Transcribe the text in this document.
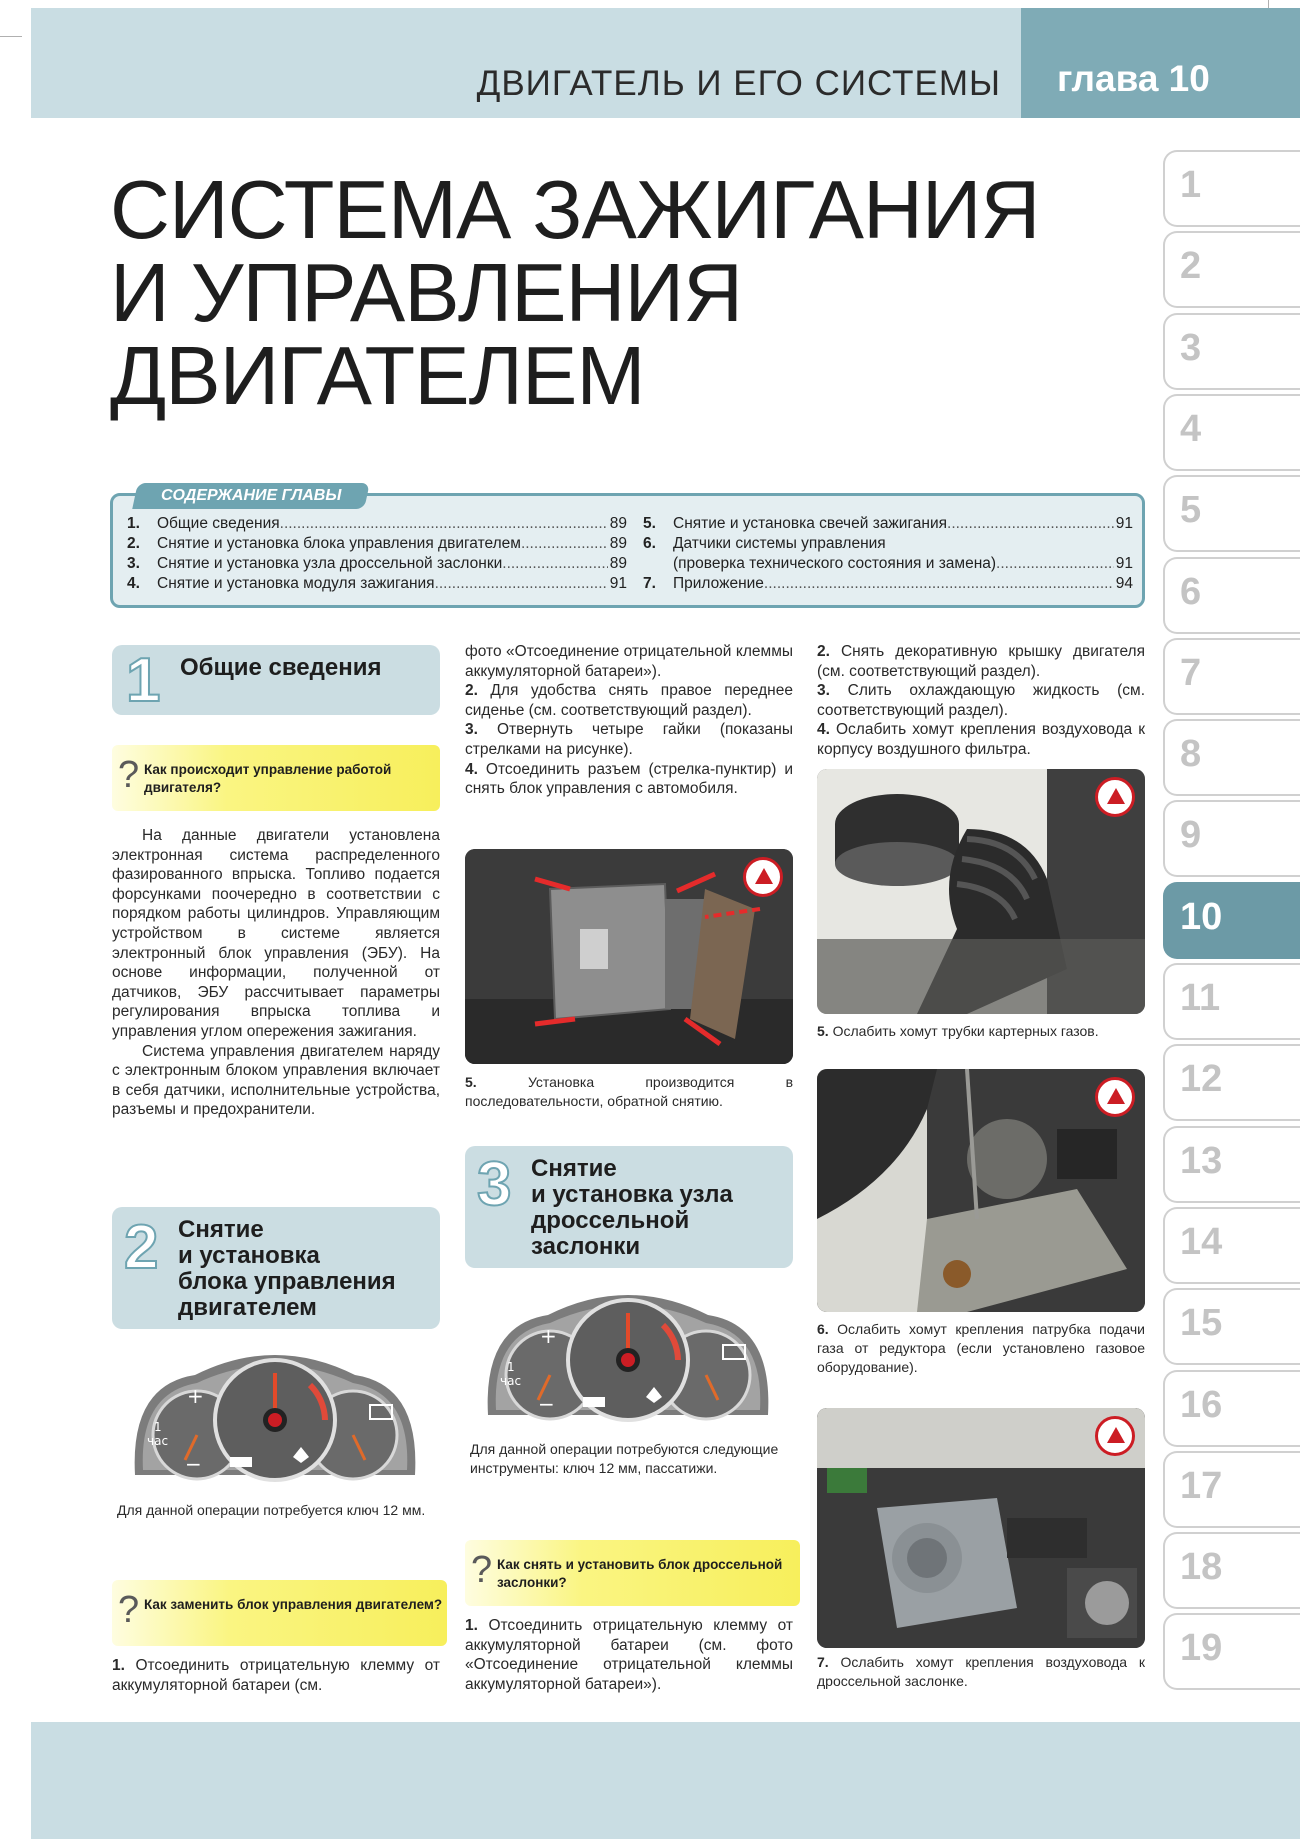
ДВИГАТЕЛЬ И ЕГО СИСТЕМЫ глава 10
СИСТЕМА ЗАЖИГАНИЯ
И УПРАВЛЕНИЯ
ДВИГАТЕЛЕМ
1
2
3
4
5
6
7
8
9
10
11
12
13
14
15
16
17
18
19
СОДЕРЖАНИЕ ГЛАВЫ
1.	Общие сведения .....	89
2.	Снятие и установка блока управления двигателем .....	89
3.	Снятие и установка узла дроссельной заслонки .....	89
4.	Снятие и установка модуля зажигания .....	91
5.	Снятие и установка свечей зажигания .....	91
6.	Датчики системы управления
(проверка технического состояния и замена) .....	91
7.	Приложение .....	94
1 Общие сведения
? Как происходит управление работой двигателя?

На данные двигатели установлена электронная система распределенного фазированного впрыска. Топливо подается форсунками поочередно в соответствии с порядком работы цилиндров. Управляющим устройством в системе является электронный блок управления (ЭБУ). На основе информации, полученной от датчиков, ЭБУ рассчитывает параметры регулирования впрыска топлива и управления углом опережения зажигания.

Система управления двигателем наряду с электронным блоком управления включает в себя датчики, исполнительные устройства, разъемы и предохранители.

2 Снятие
и установка
блока управления
двигателем
+
−
1
час
Для данной операции потребуется ключ 12 мм.
? Как заменить блок управления двигателем?

1. Отсоединить отрицательную клемму от аккумуляторной батареи (см.

фото «Отсоединение отрицательной клеммы аккумуляторной батареи»).

2. Для удобства снять правое переднее сиденье (см. соответствующий раздел).

3. Отвернуть четыре гайки (показаны стрелками на рисунке).

4. Отсоединить разъем (стрелка-пунктир) и снять блок управления с автомобиля.

5.	Установка производится в последовательности, обратной снятию.

3 Снятие
и установка узла
дроссельной
заслонки
+
−
1
час
Для данной операции потребуются следующие инструменты: ключ 12 мм, пассатижи.
? Как снять и установить блок дроссельной заслонки?

1. Отсоединить отрицательную клемму от аккумуляторной батареи (см. фото «Отсоединение отрицательной клеммы аккумуляторной батареи»).

2. Снять декоративную крышку двигателя (см. соответствующий раздел).

3. Слить охлаждающую жидкость (см. соответствующий раздел).

4. Ослабить хомут крепления воздуховода к корпусу воздушного фильтра.

5. Ослабить хомут трубки картерных газов.

6. Ослабить хомут крепления патрубка подачи газа от редуктора (если установлено газовое оборудование).

7. Ослабить хомут крепления воздуховода к дроссельной заслонке.
